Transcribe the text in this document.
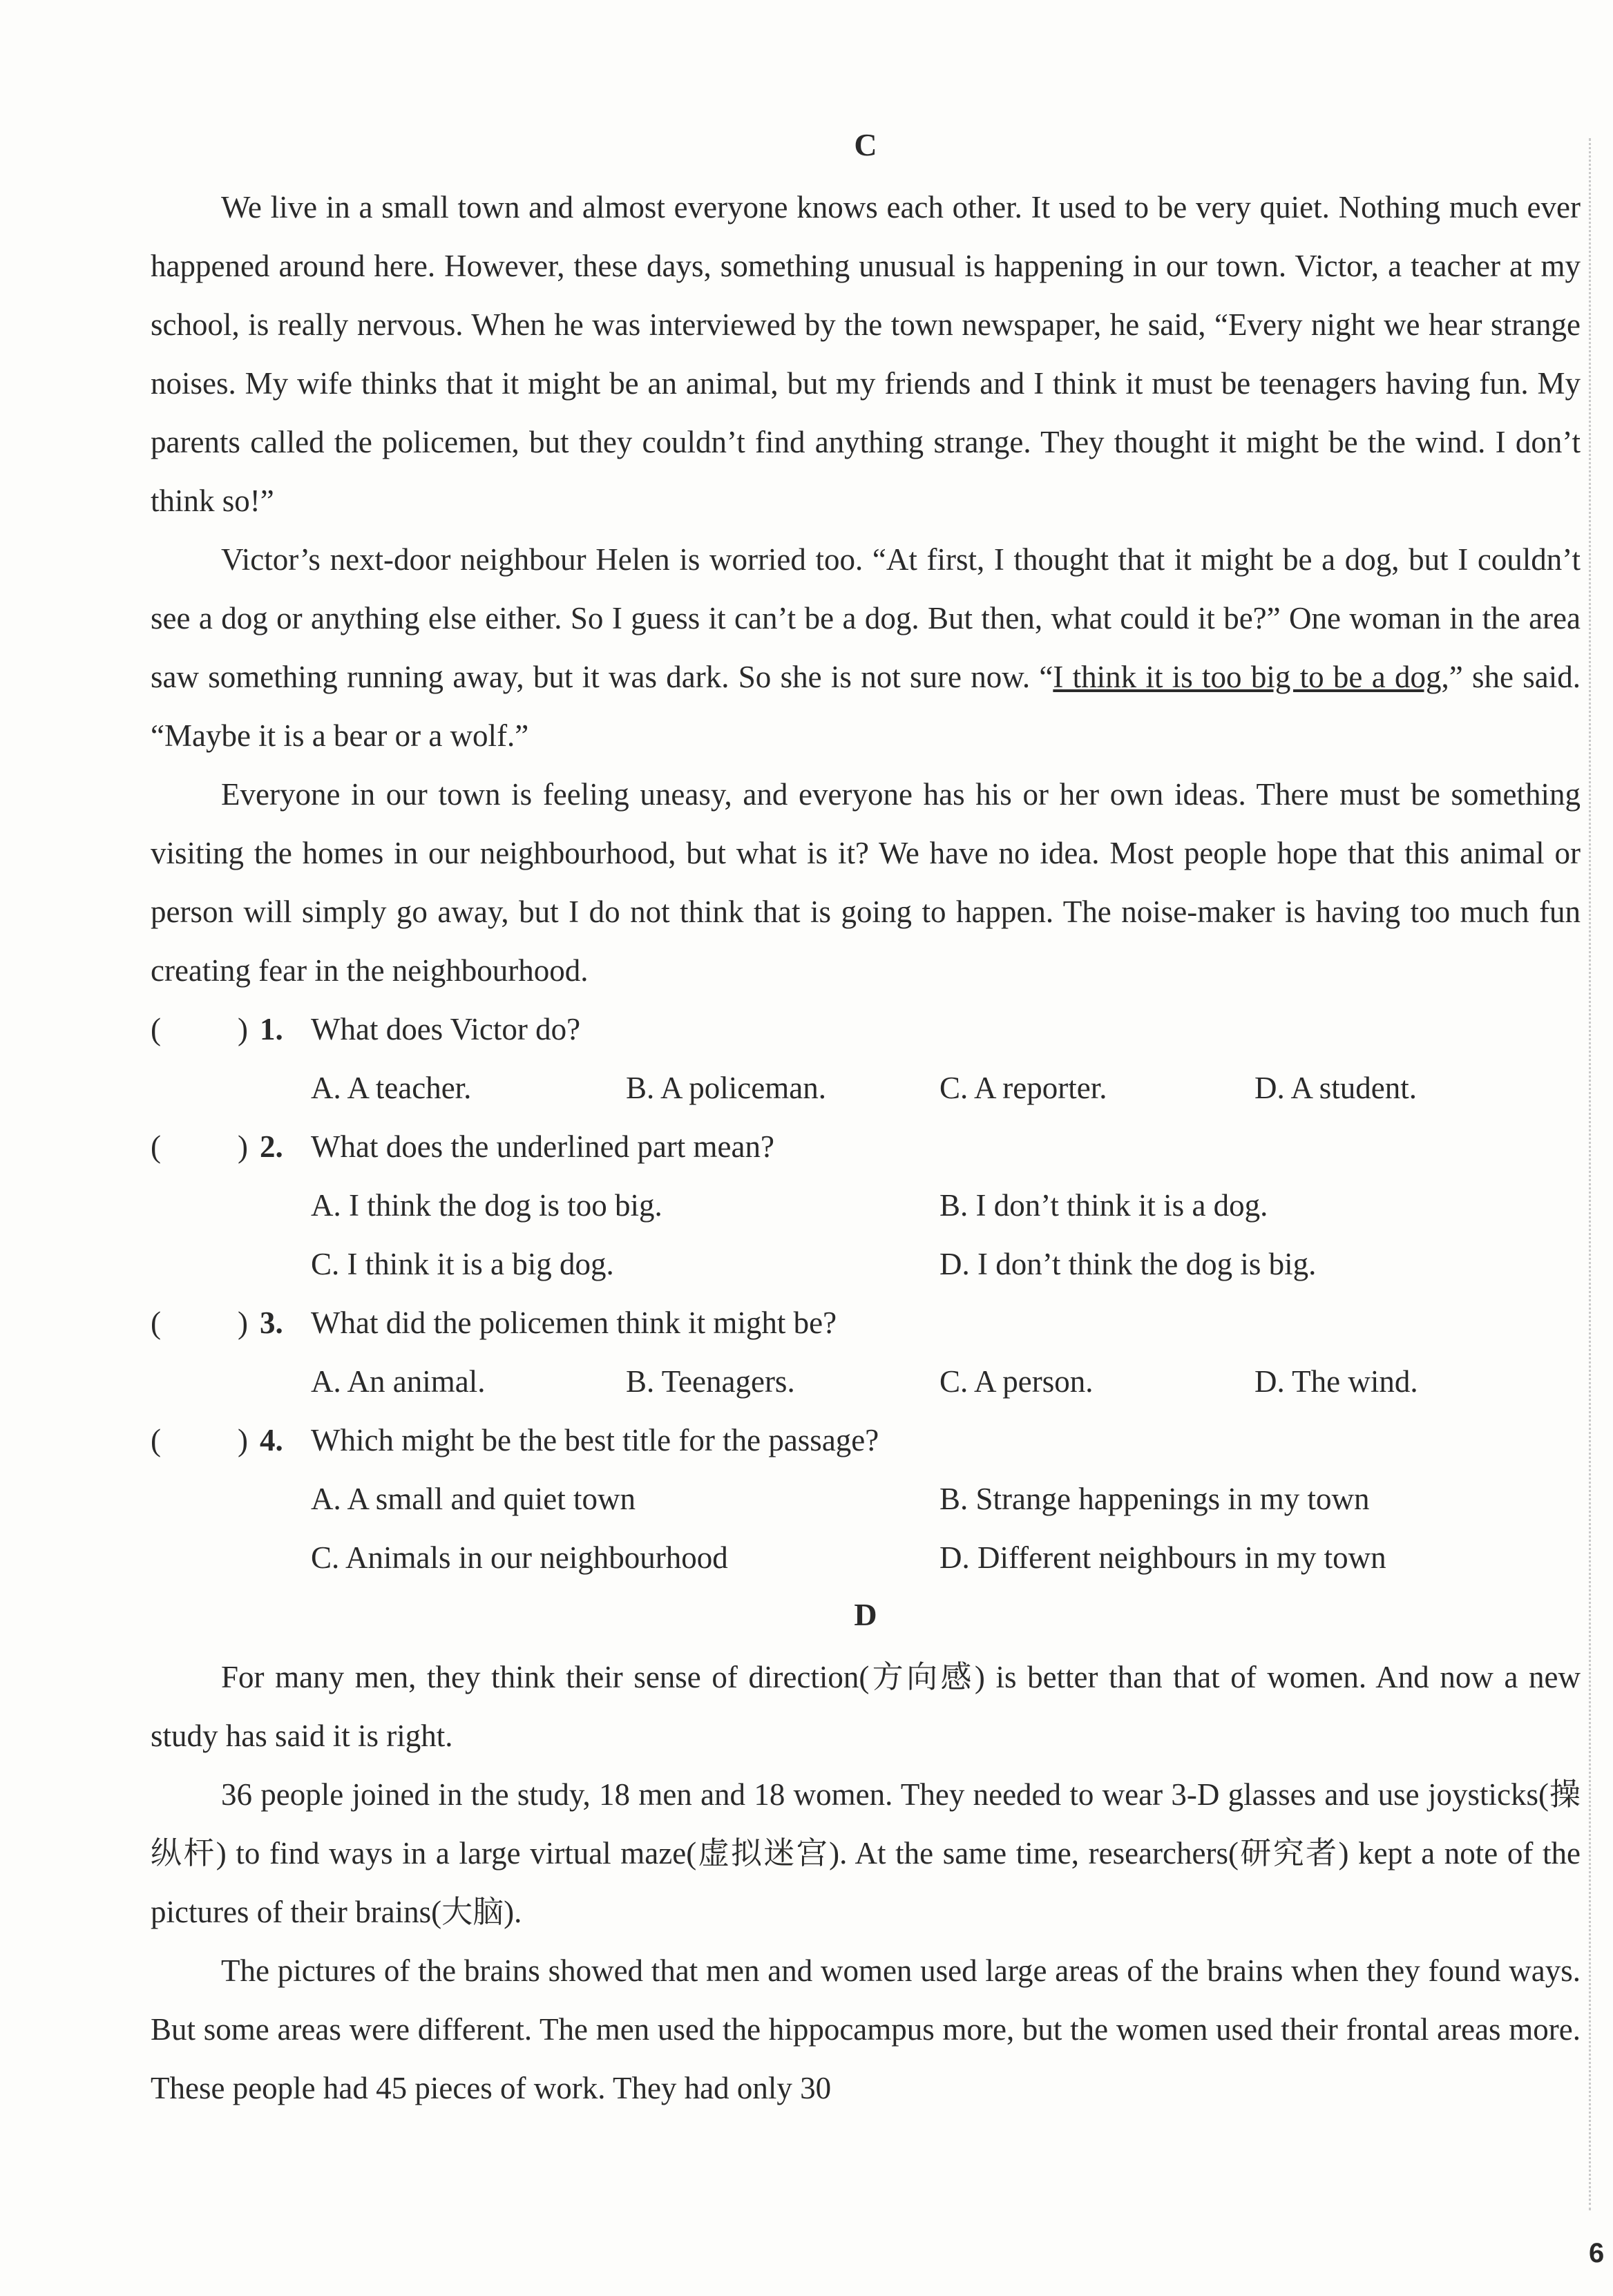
C

We live in a small town and almost everyone knows each other. It used to be very quiet. Nothing much ever happened around here. However, these days, something unusual is happening in our town. Victor, a teacher at my school, is really nervous. When he was interviewed by the town newspaper, he said, “Every night we hear strange noises. My wife thinks that it might be an animal, but my friends and I think it must be teenagers having fun. My parents called the policemen, but they couldn’t find anything strange. They thought it might be the wind. I don’t think so!”

Victor’s next-door neighbour Helen is worried too. “At first, I thought that it might be a dog, but I couldn’t see a dog or anything else either. So I guess it can’t be a dog. But then, what could it be?” One woman in the area saw something running away, but it was dark. So she is not sure now. “I think it is too big to be a dog,” she said. “Maybe it is a bear or a wolf.”

Everyone in our town is feeling uneasy, and everyone has his or her own ideas. There must be something visiting the homes in our neighbourhood, but what is it? We have no idea. Most people hope that this animal or person will simply go away, but I do not think that is going to happen. The noise-maker is having too much fun creating fear in the neighbourhood.

( ) 1. What does Victor do?
A. A teacher.	B. A policeman.	C. A reporter.	D. A student.
( ) 2. What does the underlined part mean?
A. I think the dog is too big.	B. I don’t think it is a dog.
C. I think it is a big dog.	D. I don’t think the dog is big.
( ) 3. What did the policemen think it might be?
A. An animal.	B. Teenagers.	C. A person.	D. The wind.
( ) 4. Which might be the best title for the passage?
A. A small and quiet town	B. Strange happenings in my town
C. Animals in our neighbourhood	D. Different neighbours in my town
D

For many men, they think their sense of direction(方向感) is better than that of women. And now a new study has said it is right.

36 people joined in the study, 18 men and 18 women. They needed to wear 3-D glasses and use joysticks(操纵杆) to find ways in a large virtual maze(虚拟迷宫). At the same time, researchers(研究者) kept a note of the pictures of their brains(大脑).

The pictures of the brains showed that men and women used large areas of the brains when they found ways. But some areas were different. The men used the hippocampus more, but the women used their frontal areas more. These people had 45 pieces of work. They had only 30

6
